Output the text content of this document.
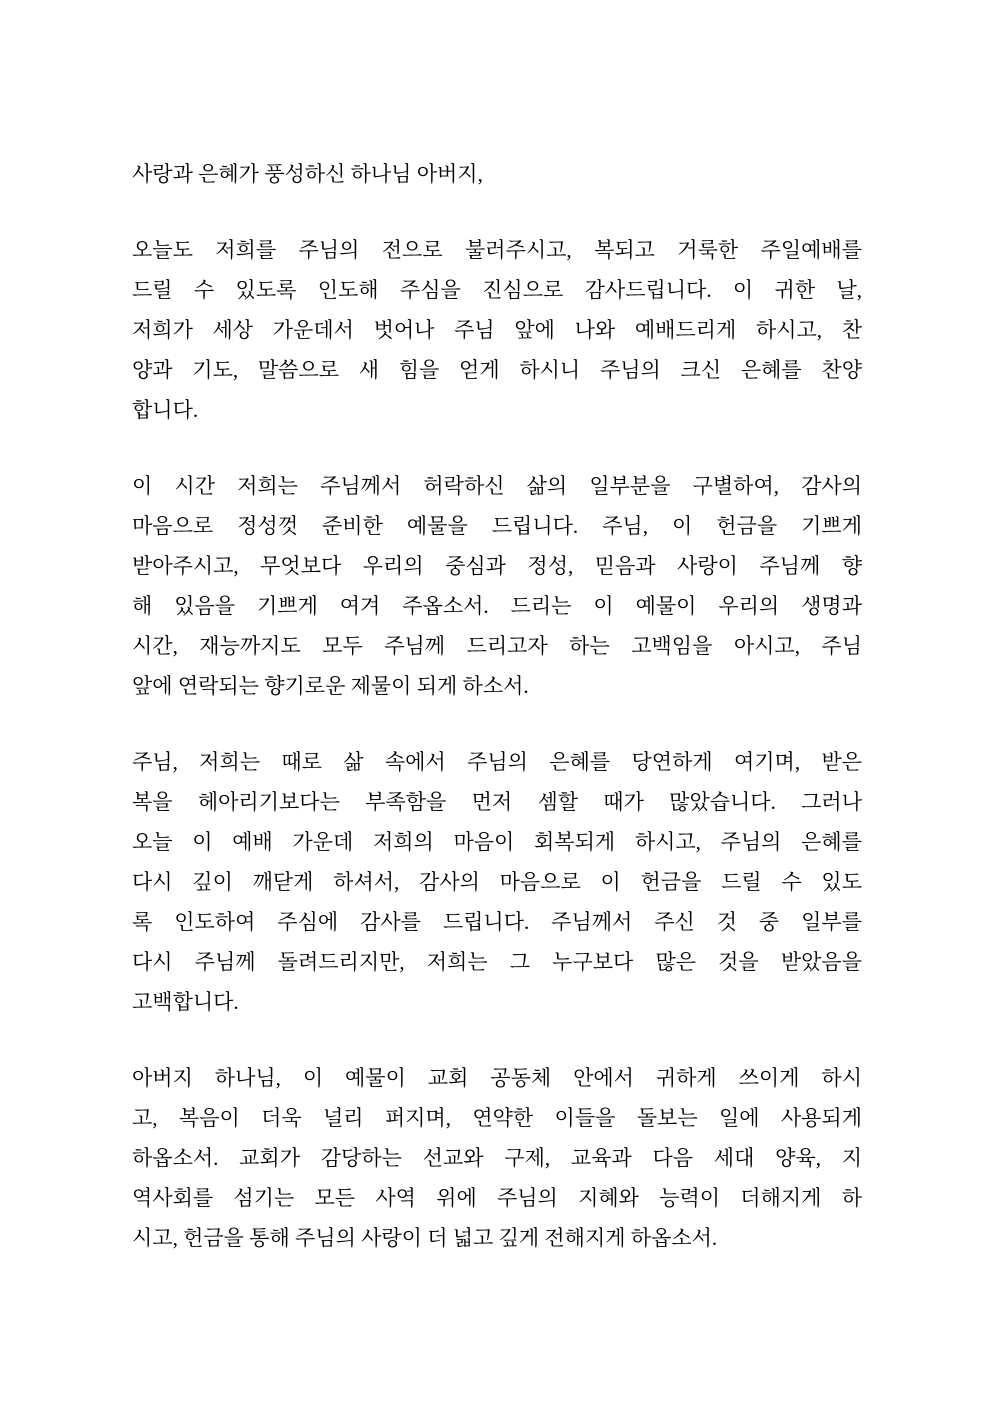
사랑과 은혜가 풍성하신 하나님 아버지,
오늘도 저희를 주님의 전으로 불러주시고, 복되고 거룩한 주일예배를
드릴 수 있도록 인도해 주심을 진심으로 감사드립니다. 이 귀한 날,
저희가 세상 가운데서 벗어나 주님 앞에 나와 예배드리게 하시고, 찬
양과 기도, 말씀으로 새 힘을 얻게 하시니 주님의 크신 은혜를 찬양
합니다.
이 시간 저희는 주님께서 허락하신 삶의 일부분을 구별하여, 감사의
마음으로 정성껏 준비한 예물을 드립니다. 주님, 이 헌금을 기쁘게
받아주시고, 무엇보다 우리의 중심과 정성, 믿음과 사랑이 주님께 향
해 있음을 기쁘게 여겨 주옵소서. 드리는 이 예물이 우리의 생명과
시간, 재능까지도 모두 주님께 드리고자 하는 고백임을 아시고, 주님
앞에 연락되는 향기로운 제물이 되게 하소서.
주님, 저희는 때로 삶 속에서 주님의 은혜를 당연하게 여기며, 받은
복을 헤아리기보다는 부족함을 먼저 셈할 때가 많았습니다. 그러나
오늘 이 예배 가운데 저희의 마음이 회복되게 하시고, 주님의 은혜를
다시 깊이 깨닫게 하셔서, 감사의 마음으로 이 헌금을 드릴 수 있도
록 인도하여 주심에 감사를 드립니다. 주님께서 주신 것 중 일부를
다시 주님께 돌려드리지만, 저희는 그 누구보다 많은 것을 받았음을
고백합니다.
아버지 하나님, 이 예물이 교회 공동체 안에서 귀하게 쓰이게 하시
고, 복음이 더욱 널리 퍼지며, 연약한 이들을 돌보는 일에 사용되게
하옵소서. 교회가 감당하는 선교와 구제, 교육과 다음 세대 양육, 지
역사회를 섬기는 모든 사역 위에 주님의 지혜와 능력이 더해지게 하
시고, 헌금을 통해 주님의 사랑이 더 넓고 깊게 전해지게 하옵소서.
